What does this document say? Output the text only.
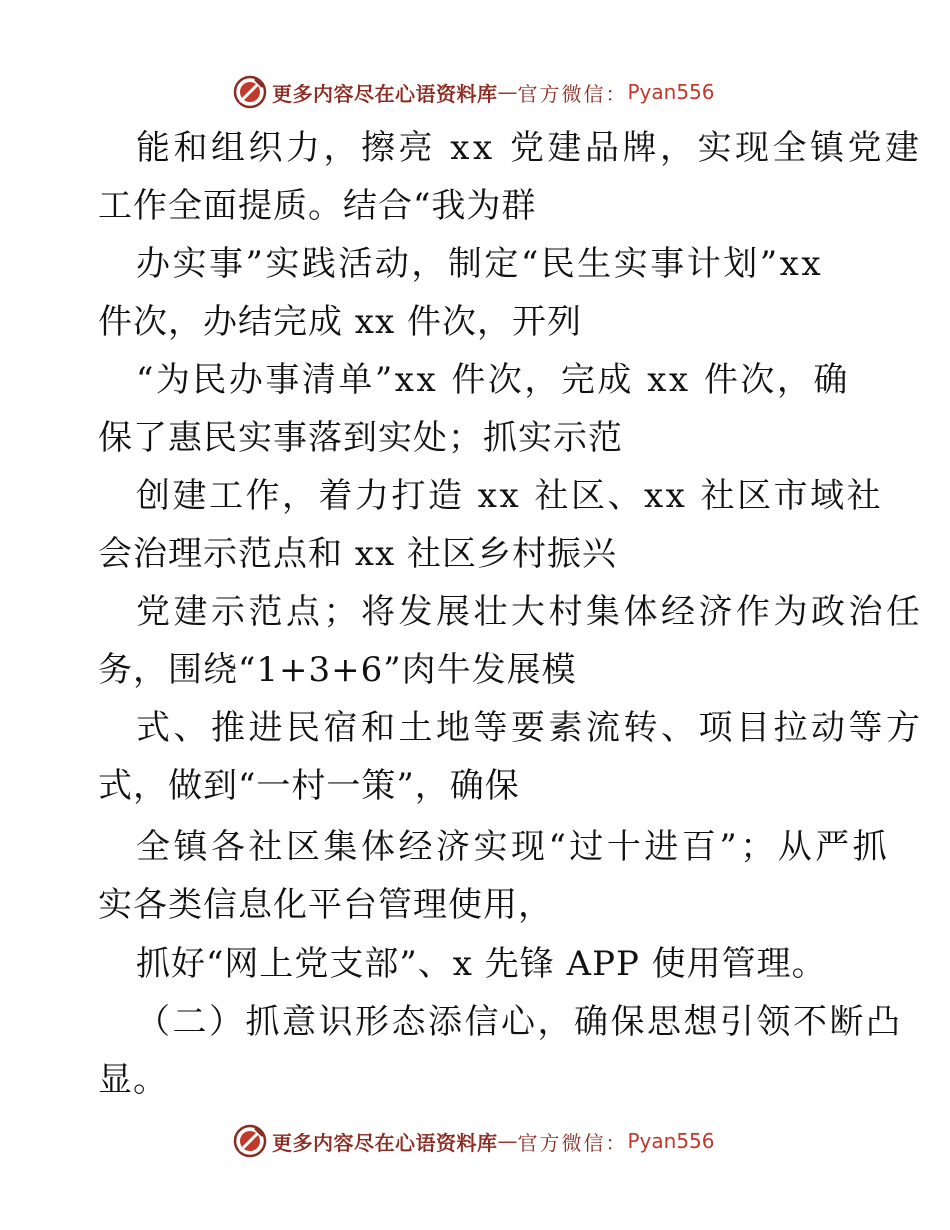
更多内容尽在心语资料库 — 官方微信： Pyan556
能和组织力，擦亮 xx 党建品牌，实现全镇党建
工作全面提质。结合“我为群
办实事”实践活动，制定“民生实事计划”xx
件次，办结完成 xx 件次，开列
“为民办事清单”xx 件次，完成 xx 件次，确
保了惠民实事落到实处；抓实示范
创建工作，着力打造 xx 社区、xx 社区市域社
会治理示范点和 xx 社区乡村振兴
党建示范点；将发展壮大村集体经济作为政治任
务，围绕“1+3+6”肉牛发展模
式、推进民宿和土地等要素流转、项目拉动等方
式，做到“一村一策”，确保
全镇各社区集体经济实现“过十进百”；从严抓
实各类信息化平台管理使用，
抓好“网上党支部”、x 先锋 APP 使用管理。
（二）抓意识形态添信心，确保思想引领不断凸
显。
更多内容尽在心语资料库 — 官方微信： Pyan556
